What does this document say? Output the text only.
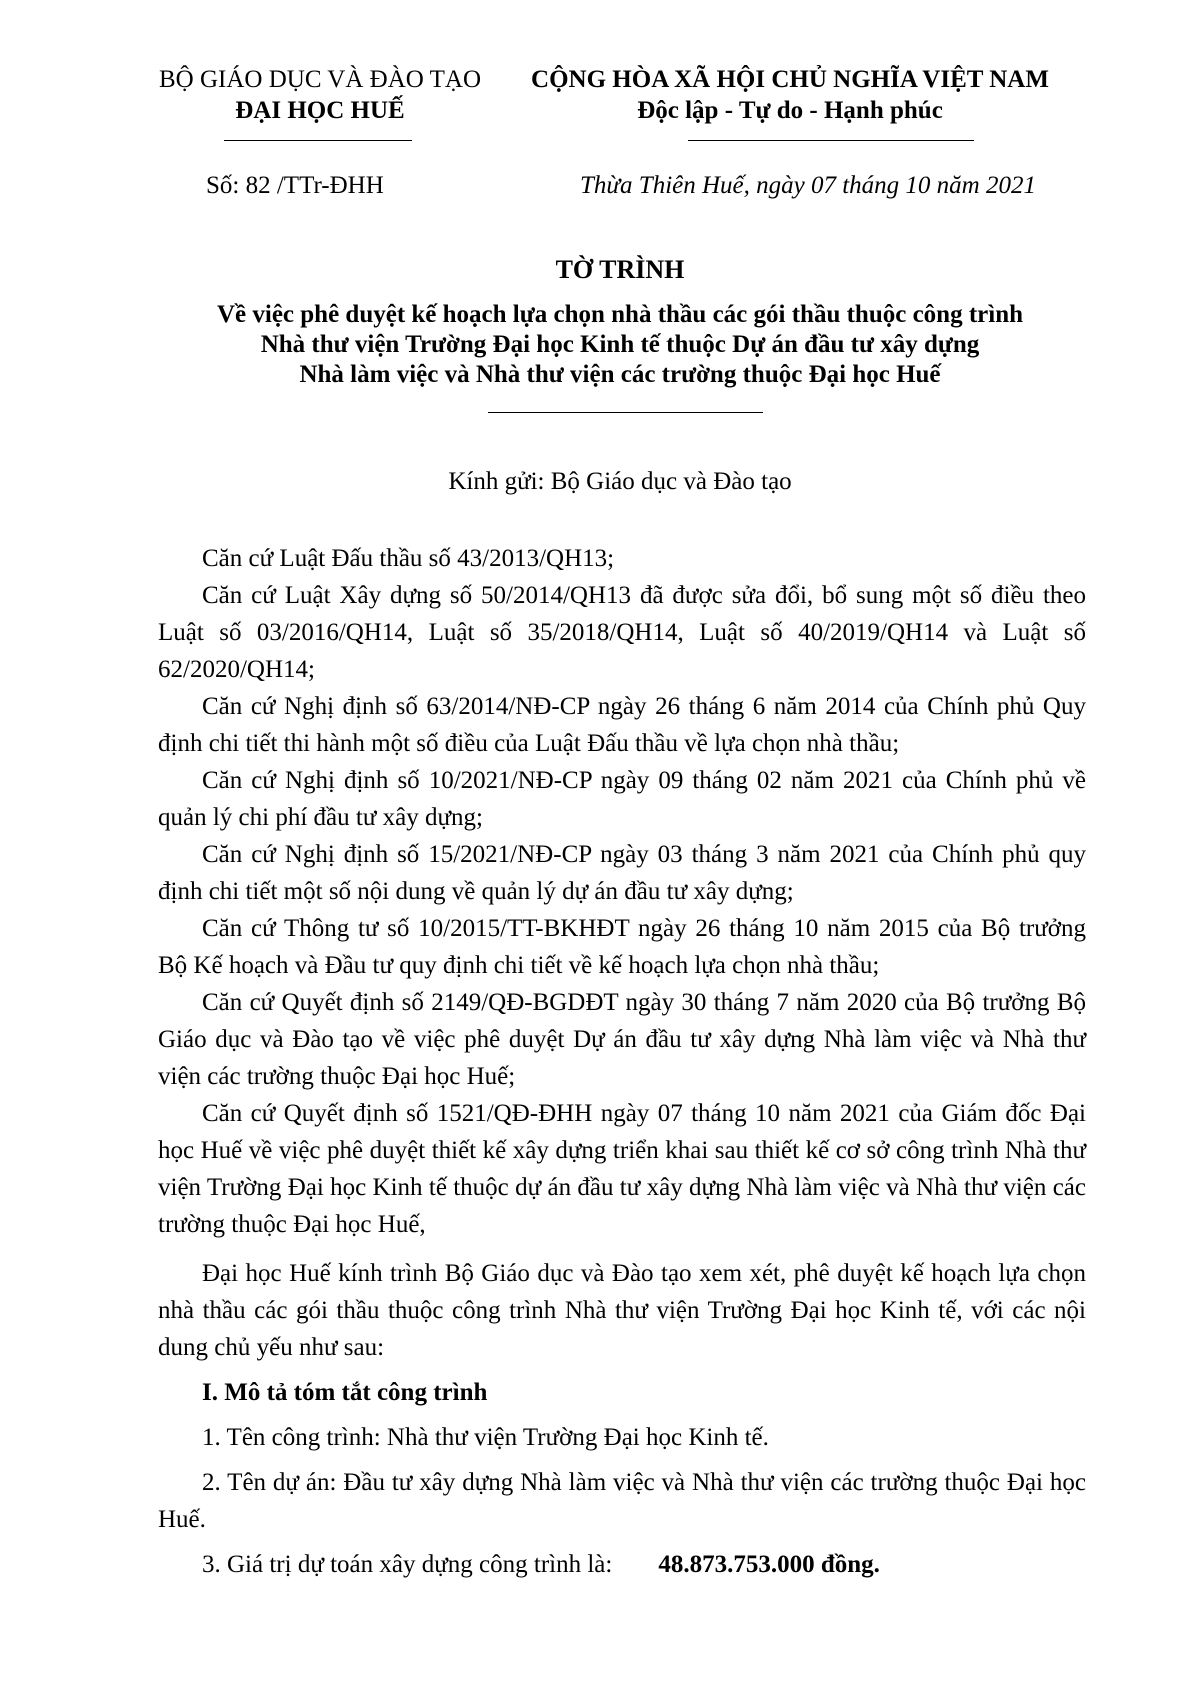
BỘ GIÁO DỤC VÀ ĐÀO TẠO
ĐẠI HỌC HUẾ
CỘNG HÒA XÃ HỘI CHỦ NGHĨA VIỆT NAM
Độc lập - Tự do - Hạnh phúc
Số: 82 /TTr-ĐHH	Thừa Thiên Huế, ngày 07 tháng 10 năm 2021
TỜ TRÌNH
Về việc phê duyệt kế hoạch lựa chọn nhà thầu các gói thầu thuộc công trình
Nhà thư viện Trường Đại học Kinh tế thuộc Dự án đầu tư xây dựng
Nhà làm việc và Nhà thư viện các trường thuộc Đại học Huế
Kính gửi: Bộ Giáo dục và Đào tạo

Căn cứ Luật Đấu thầu số 43/2013/QH13;

Căn cứ Luật Xây dựng số 50/2014/QH13 đã được sửa đổi, bổ sung một số điều theo Luật số 03/2016/QH14, Luật số 35/2018/QH14, Luật số 40/2019/QH14 và Luật số 62/2020/QH14;

Căn cứ Nghị định số 63/2014/NĐ-CP ngày 26 tháng 6 năm 2014 của Chính phủ Quy định chi tiết thi hành một số điều của Luật Đấu thầu về lựa chọn nhà thầu;

Căn cứ Nghị định số 10/2021/NĐ-CP ngày 09 tháng 02 năm 2021 của Chính phủ về quản lý chi phí đầu tư xây dựng;

Căn cứ Nghị định số 15/2021/NĐ-CP ngày 03 tháng 3 năm 2021 của Chính phủ quy định chi tiết một số nội dung về quản lý dự án đầu tư xây dựng;

Căn cứ Thông tư số 10/2015/TT-BKHĐT ngày 26 tháng 10 năm 2015 của Bộ trưởng Bộ Kế hoạch và Đầu tư quy định chi tiết về kế hoạch lựa chọn nhà thầu;

Căn cứ Quyết định số 2149/QĐ-BGDĐT ngày 30 tháng 7 năm 2020 của Bộ trưởng Bộ Giáo dục và Đào tạo về việc phê duyệt Dự án đầu tư xây dựng Nhà làm việc và Nhà thư viện các trường thuộc Đại học Huế;

Căn cứ Quyết định số 1521/QĐ-ĐHH ngày 07 tháng 10 năm 2021 của Giám đốc Đại học Huế về việc phê duyệt thiết kế xây dựng triển khai sau thiết kế cơ sở công trình Nhà thư viện Trường Đại học Kinh tế thuộc dự án đầu tư xây dựng Nhà làm việc và Nhà thư viện các trường thuộc Đại học Huế,

Đại học Huế kính trình Bộ Giáo dục và Đào tạo xem xét, phê duyệt kế hoạch lựa chọn nhà thầu các gói thầu thuộc công trình Nhà thư viện Trường Đại học Kinh tế, với các nội dung chủ yếu như sau:

I. Mô tả tóm tắt công trình

1. Tên công trình: Nhà thư viện Trường Đại học Kinh tế.

2. Tên dự án: Đầu tư xây dựng Nhà làm việc và Nhà thư viện các trường thuộc Đại học Huế.

3. Giá trị dự toán xây dựng công trình là: 48.873.753.000 đồng.
